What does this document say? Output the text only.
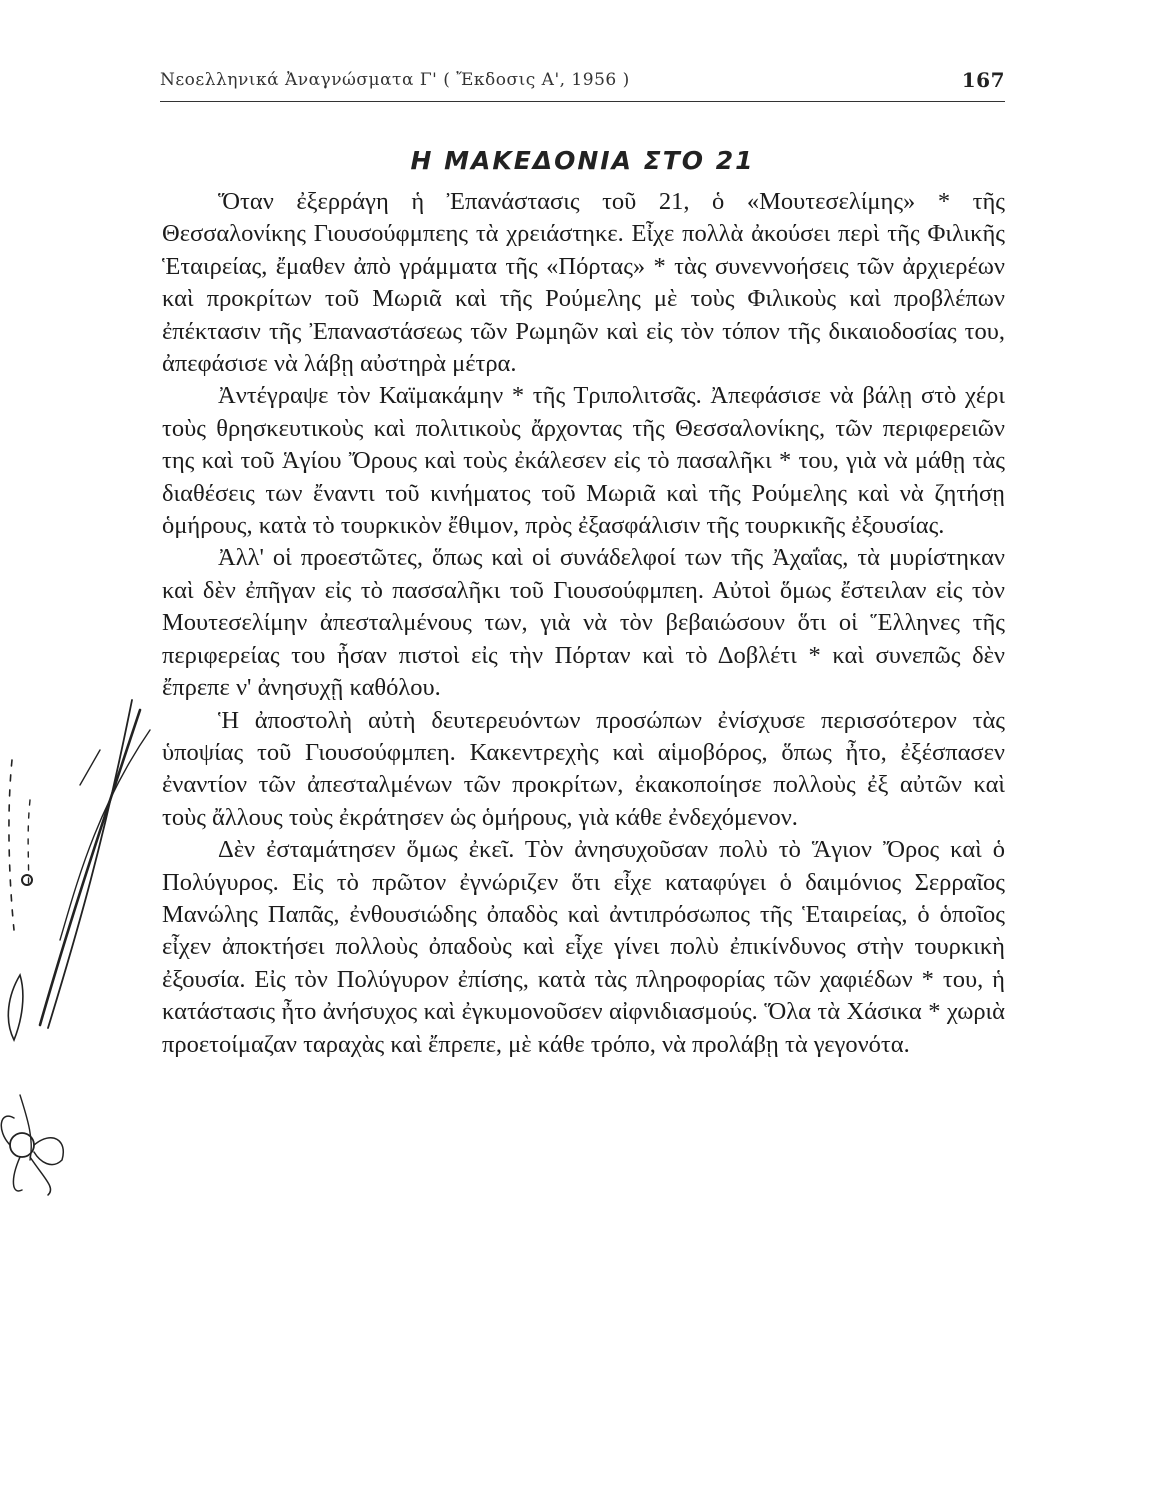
Νεοελληνικά Ἀναγνώσματα Γ' ( Ἔκδοσις Α', 1956 )	167
Η ΜΑΚΕΔΟΝΙΑ ΣΤΟ 21

Ὅταν ἐξερράγη ἡ Ἐπανάστασις τοῦ 21, ὁ «Μουτεσελίμης» * τῆς Θεσσαλονίκης Γιουσούφμπεης τὰ χρειάστηκε. Εἶχε πολλὰ ἀκούσει περὶ τῆς Φιλικῆς Ἑταιρείας, ἔμαθεν ἀπὸ γράμματα τῆς «Πόρτας» * τὰς συνεννοήσεις τῶν ἀρχιερέων καὶ προκρίτων τοῦ Μωριᾶ καὶ τῆς Ρούμελης μὲ τοὺς Φιλικοὺς καὶ προβλέπων ἐπέκτασιν τῆς Ἐπαναστάσεως τῶν Ρωμηῶν καὶ εἰς τὸν τόπον τῆς δικαιοδοσίας του, ἀπεφάσισε νὰ λάβῃ αὐστηρὰ μέτρα.

Ἀντέγραψε τὸν Καϊμακάμην * τῆς Τριπολιτσᾶς. Ἀπεφάσισε νὰ βάλῃ στὸ χέρι τοὺς θρησκευτικοὺς καὶ πολιτικοὺς ἄρχοντας τῆς Θεσσαλονίκης, τῶν περιφερειῶν της καὶ τοῦ Ἁγίου Ὄρους καὶ τοὺς ἐκάλεσεν εἰς τὸ πασαλῆκι * του, γιὰ νὰ μάθῃ τὰς διαθέσεις των ἔναντι τοῦ κινήματος τοῦ Μωριᾶ καὶ τῆς Ρούμελης καὶ νὰ ζητήσῃ ὁμήρους, κατὰ τὸ τουρκικὸν ἔθιμον, πρὸς ἐξασφάλισιν τῆς τουρκικῆς ἐξουσίας.

Ἀλλ' οἱ προεστῶτες, ὅπως καὶ οἱ συνάδελφοί των τῆς Ἀχαΐας, τὰ μυρίστηκαν καὶ δὲν ἐπῆγαν εἰς τὸ πασσαλῆκι τοῦ Γιουσούφμπεη. Αὐτοὶ ὅμως ἔστειλαν εἰς τὸν Μουτεσελίμην ἀπεσταλμένους των, γιὰ νὰ τὸν βεβαιώσουν ὅτι οἱ Ἕλληνες τῆς περιφερείας του ἦσαν πιστοὶ εἰς τὴν Πόρταν καὶ τὸ Δοβλέτι * καὶ συνεπῶς δὲν ἔπρεπε ν' ἀνησυχῇ καθόλου.

Ἡ ἀποστολὴ αὐτὴ δευτερευόντων προσώπων ἐνίσχυσε περισσότερον τὰς ὑποψίας τοῦ Γιουσούφμπεη. Κακεντρεχὴς καὶ αἱμοβόρος, ὅπως ἦτο, ἐξέσπασεν ἐναντίον τῶν ἀπεσταλμένων τῶν προκρίτων, ἐκακοποίησε πολλοὺς ἐξ αὐτῶν καὶ τοὺς ἄλλους τοὺς ἐκράτησεν ὡς ὁμήρους, γιὰ κάθε ἐνδεχόμενον.

Δὲν ἐσταμάτησεν ὅμως ἐκεῖ. Τὸν ἀνησυχοῦσαν πολὺ τὸ Ἅγιον Ὄρος καὶ ὁ Πολύγυρος. Εἰς τὸ πρῶτον ἐγνώριζεν ὅτι εἶχε καταφύγει ὁ δαιμόνιος Σερραῖος Μανώλης Παπᾶς, ἐνθουσιώδης ὀπαδὸς καὶ ἀντιπρόσωπος τῆς Ἑταιρείας, ὁ ὁποῖος εἶχεν ἀποκτήσει πολλοὺς ὀπαδοὺς καὶ εἶχε γίνει πολὺ ἐπικίνδυνος στὴν τουρκικὴ ἐξουσία. Εἰς τὸν Πολύγυρον ἐπίσης, κατὰ τὰς πληροφορίας τῶν χαφιέδων * του, ἡ κατάστασις ἦτο ἀνήσυχος καὶ ἐγκυμονοῦσεν αἰφνιδιασμούς. Ὅλα τὰ Χάσικα * χωριὰ προετοίμαζαν ταραχὰς καὶ ἔπρεπε, μὲ κάθε τρόπο, νὰ προλάβῃ τὰ γεγονότα.
